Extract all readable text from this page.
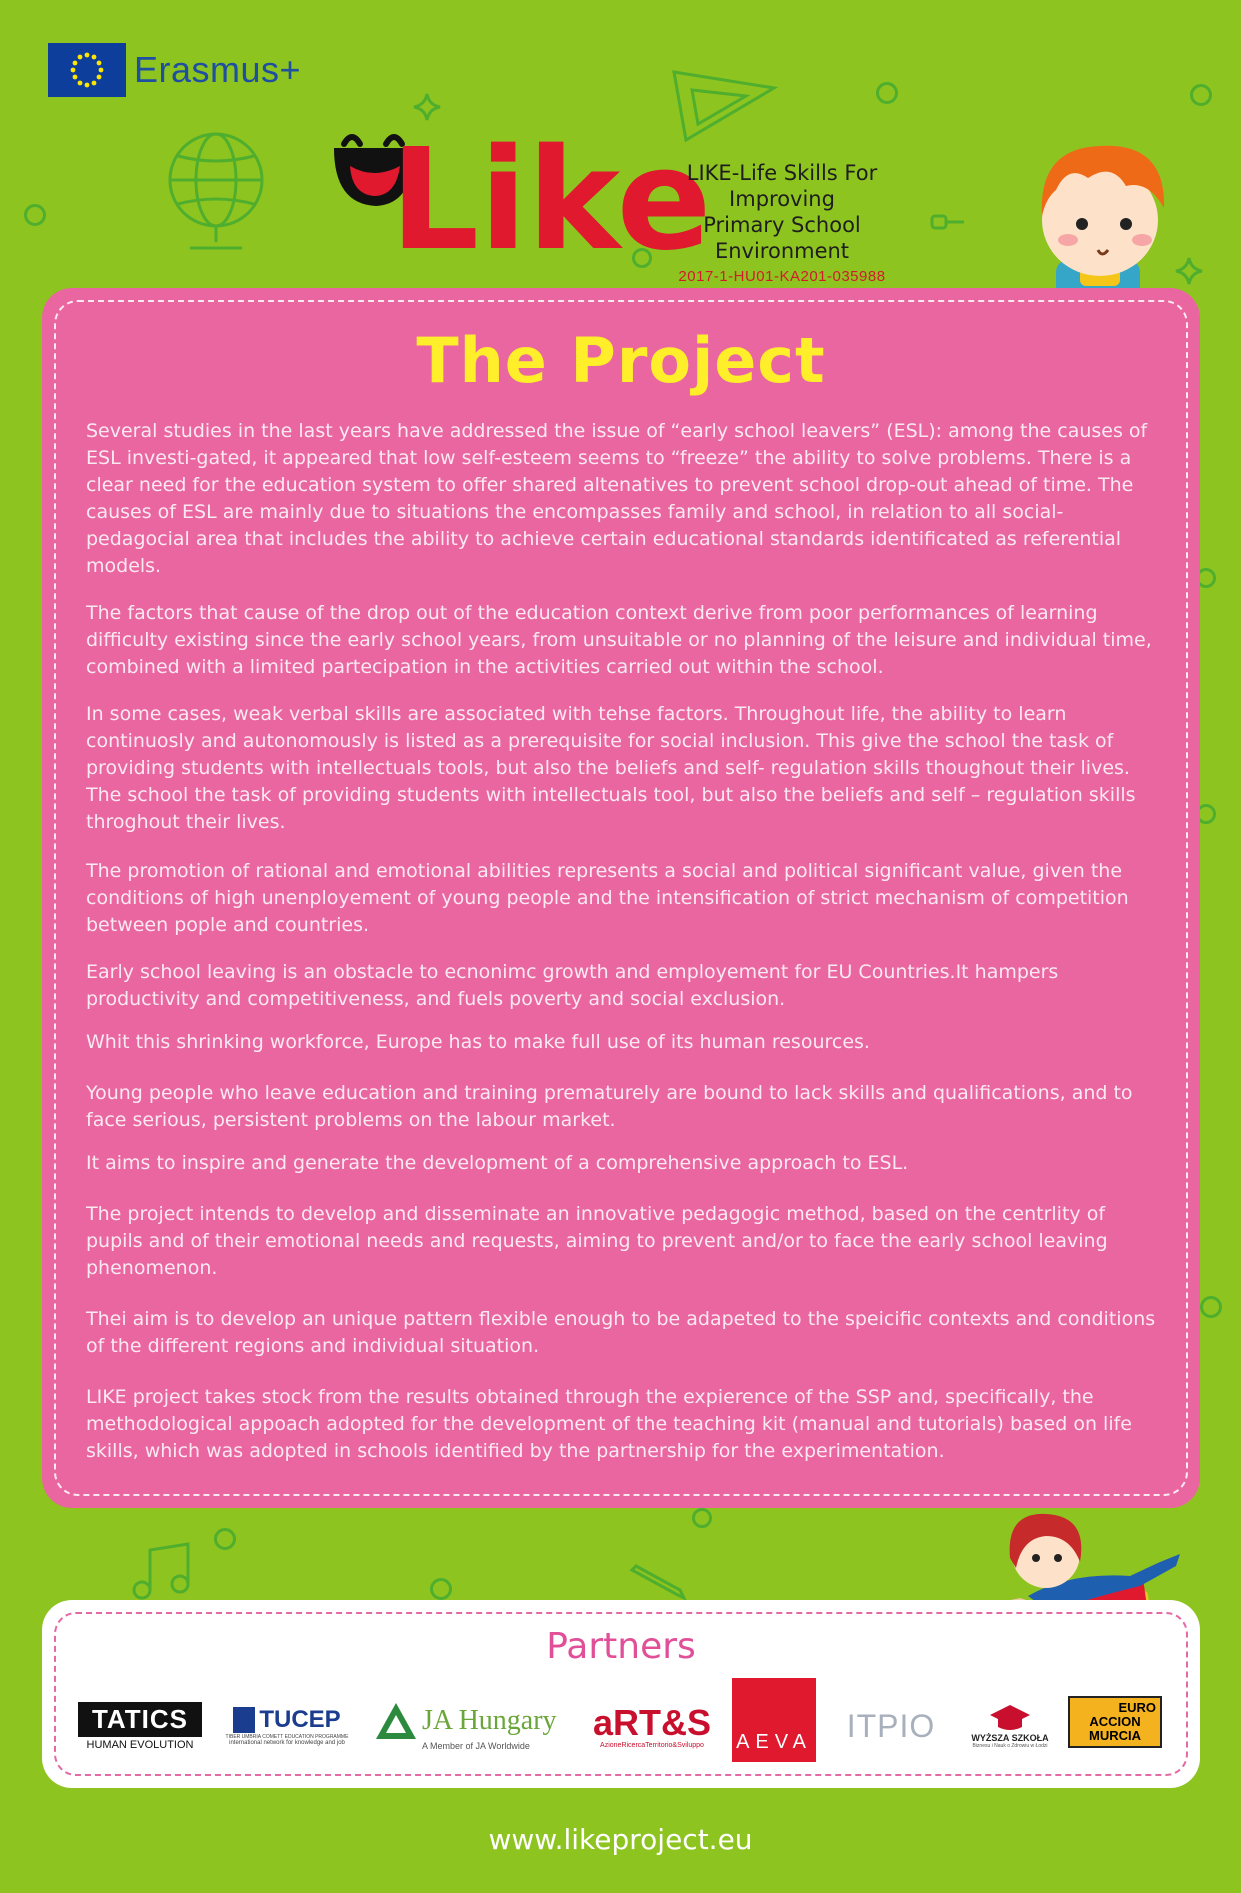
Erasmus+
Like
LIKE-Life Skills For Improving
Primary School Environment
2017-1-HU01-KA201-035988
The Project

Several studies in the last years have addressed the issue of “early school leavers” (ESL): among the causes of ESL investi-gated, it appeared that low self-esteem seems to “freeze” the ability to solve problems. There is a clear need for the education system to offer shared altenatives to prevent school drop-out ahead of time. The causes of ESL are mainly due to situations the encompasses family and school, in relation to all social-pedagocial area that includes the ability to achieve certain educational standards identificated as referential models.

The factors that cause of the drop out of the education context derive from poor performances of learning difficulty existing since the early school years, from unsuitable or no planning of the leisure and individual time, combined with a limited partecipation in the activities carried out within the school.

In some cases, weak verbal skills are associated with tehse factors. Throughout life, the ability to learn continuosly and autonomously is listed as a prerequisite for social inclusion. This give the school the task of providing students with intellectuals tools, but also the beliefs and self- regulation skills thoughout their lives. The school the task of providing students with intellectuals tool, but also the beliefs and self – regulation skills throghout their lives.

The promotion of rational and emotional abilities represents a social and political significant value, given the conditions of high unenployement of young people and the intensification of strict mechanism of competition between pople and countries.

Early school leaving is an obstacle to ecnonimc growth and employement for EU Countries.It hampers productivity and competitiveness, and fuels poverty and social exclusion.

Whit this shrinking workforce, Europe has to make full use of its human resources.

Young people who leave education and training prematurely are bound to lack skills and qualifications, and to face serious, persistent problems on the labour market.

It aims to inspire and generate the development of a comprehensive approach to ESL.

The project intends to develop and disseminate an innovative pedagogic method, based on the centrlity of pupils and of their emotional needs and requests, aiming to prevent and/or to face the early school leaving phenomenon.

Thei aim is to develop an unique pattern flexible enough to be adapeted to the speicific contexts and conditions of the different regions and individual situation.

LIKE project takes stock from the results obtained through the expierence of the SSP and, specifically, the methodological appoach adopted for the development of the teaching kit (manual and tutorials) based on life skills, which was adopted in schools identified by the partnership for the experimentation.

Partners
TATICS
HUMAN EVOLUTION
TUCEP
TIBER UMBRIA COMETT EDUCATION PROGRAMME
international network for knowledge and job
JA Hungary
A Member of JA Worldwide
aRT&S
AzioneRicercaTerritorio&Sviluppo AEVA ITPIO	WYŻSZA SZKOŁA
Biznesu i Nauk o Zdrowiu w Łodzi
EURO
ACCION
MURCIA
www.likeproject.eu
